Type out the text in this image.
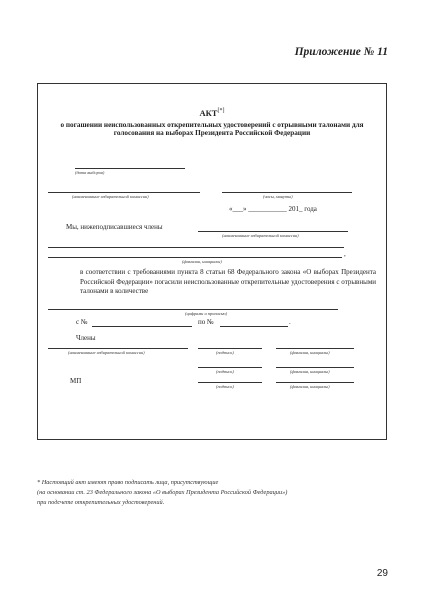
Приложение № 11
АКТ[*]
о погашении неиспользованных открепительных удостоверений с отрывными талонами для голосования на выборах Президента Российской Федерации
(дата выборов)
(наименование избирательной комиссии)	(часы, минуты)
«___» ___________ 201_ года
Мы, нижеподписавшиеся члены
(наименование избирательной комиссии)
,
(фамилии, инициалы)
в соответствии с требованиями пункта 8 статьи 68 Федерального закона «О выборах Президента Российской Федерации» погасили неиспользованные открепительные удостоверения с отрывными талонами в количестве
(цифрами и прописью)
с №	по №	.
Члены
(наименование избирательной комиссии)	(подпись)	(фамилия, инициалы)
(подпись)	(фамилия, инициалы)
МП
(подпись)	(фамилия, инициалы)
* Настоящий акт имеют право подписать лица, присутствующие
(на основании ст. 23 Федерального закона «О выборах Президента Российской Федерации»)
при подсчете открепительных удостоверений.
29
